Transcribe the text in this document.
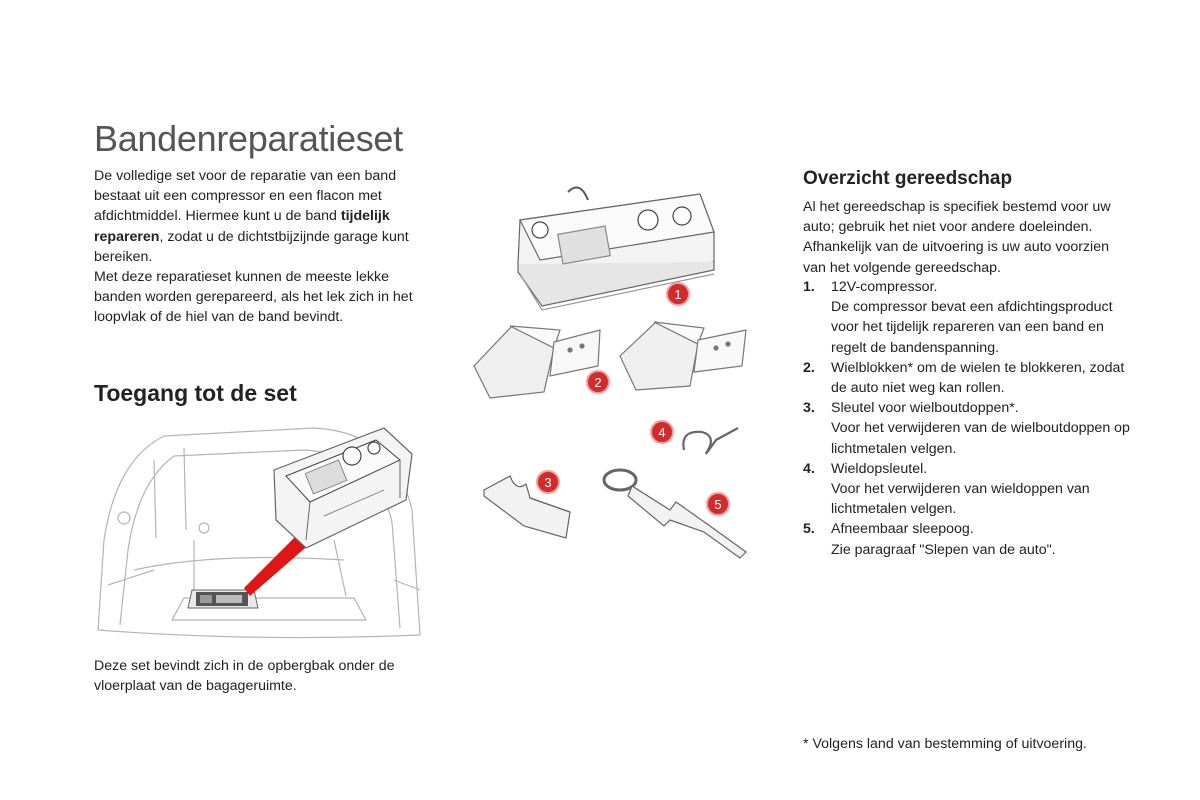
Bandenreparatieset

De volledige set voor de reparatie van een band bestaat uit een compressor en een flacon met afdichtmiddel. Hiermee kunt u de band tijdelijk repareren, zodat u de dichtstbijzijnde garage kunt bereiken.

Met deze reparatieset kunnen de meeste lekke banden worden gerepareerd, als het lek zich in het loopvlak of de hiel van de band bevindt.

Toegang tot de set
Deze set bevindt zich in de opbergbak onder de vloerplaat van de bagageruimte.
1
2
3
4
5
Overzicht gereedschap

Al het gereedschap is specifiek bestemd voor uw auto; gebruik het niet voor andere doeleinden. Afhankelijk van de uitvoering is uw auto voorzien van het volgende gereedschap.

1.	12V-compressor.
De compressor bevat een afdichtingsproduct voor het tijdelijk repareren van een band en regelt de bandenspanning.
2.	Wielblokken* om de wielen te blokkeren, zodat de auto niet weg kan rollen.
3.	Sleutel voor wielboutdoppen*.
Voor het verwijderen van de wielboutdoppen op lichtmetalen velgen.
4.	Wieldopsleutel.
Voor het verwijderen van wieldoppen van lichtmetalen velgen.
5.	Afneembaar sleepoog.
Zie paragraaf "Slepen van de auto".
* Volgens land van bestemming of uitvoering.
